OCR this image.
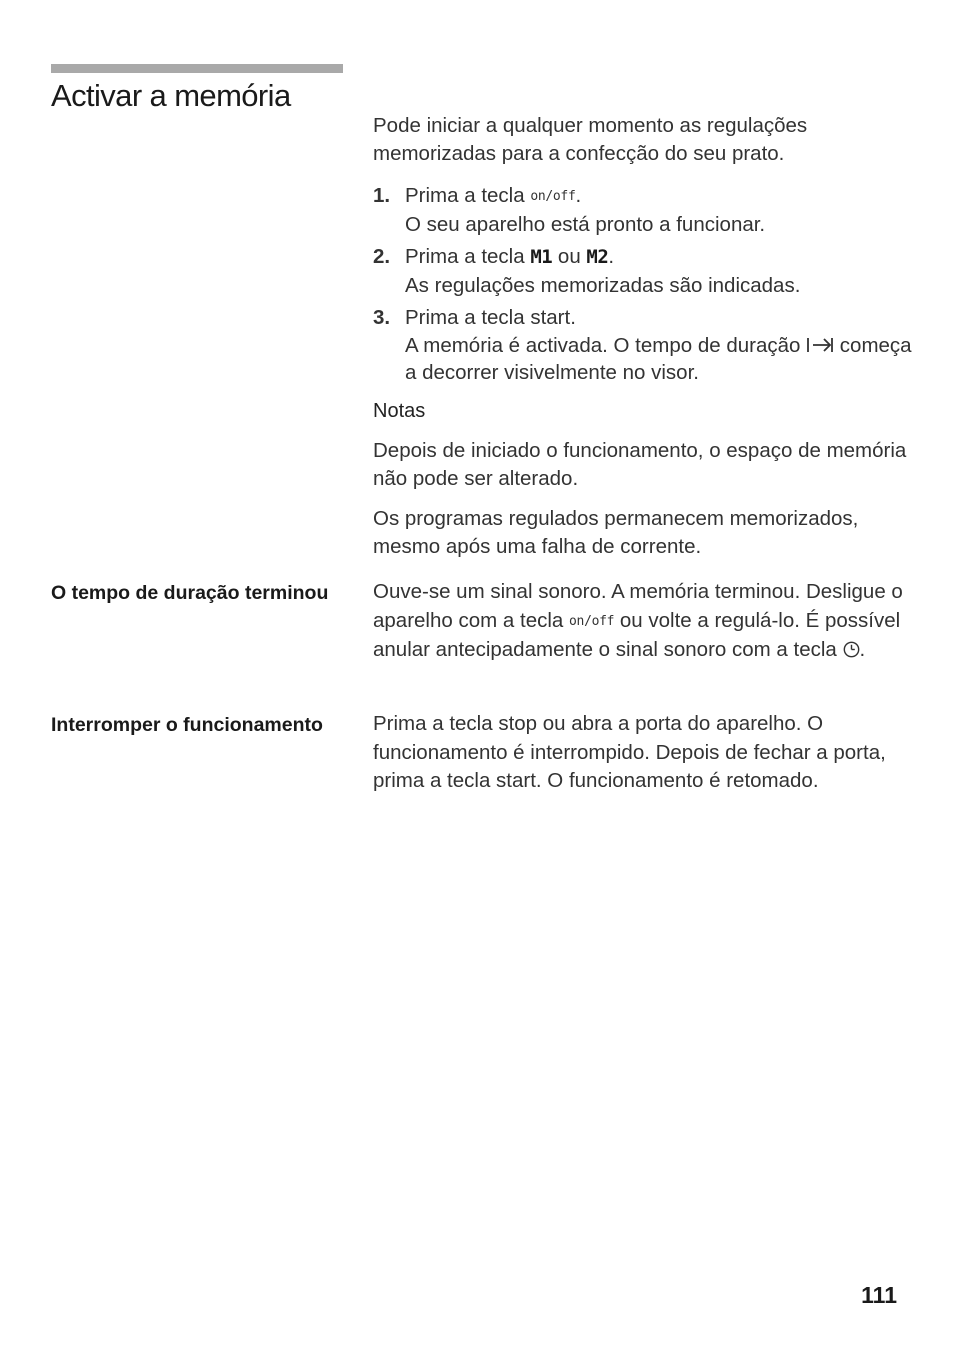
Activar a memória

Pode iniciar a qualquer momento as regulações memorizadas para a confecção do seu prato.

1. Prima a tecla on/off.
O seu aparelho está pronto a funcionar.
2. Prima a tecla M1 ou M2.
As regulações memorizadas são indicadas.
3. Prima a tecla start.
A memória é activada. O tempo de duração  começa a decorrer visivelmente no visor.

Notas

Depois de iniciado o funcionamento, o espaço de memória não pode ser alterado.

Os programas regulados permanecem memorizados, mesmo após uma falha de corrente.

O tempo de duração terminou	Ouve-se um sinal sonoro. A memória terminou. Desligue o aparelho com a tecla on/off ou volte a regulá-lo. É possível anular antecipadamente o sinal sonoro com a tecla .

Interromper o funcionamento	Prima a tecla stop ou abra a porta do aparelho. O funcionamento é interrompido. Depois de fechar a porta, prima a tecla start. O funcionamento é retomado.

111
